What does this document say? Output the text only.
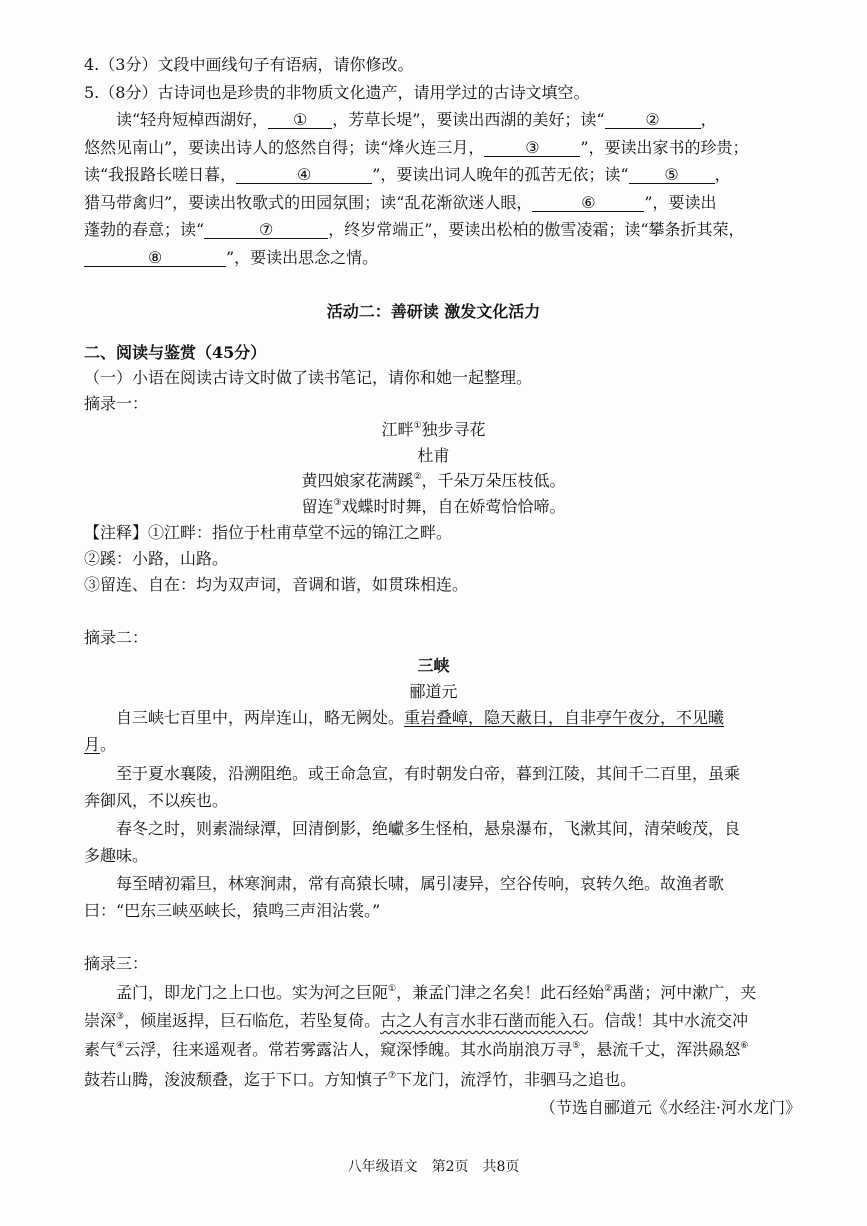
4.（3分）文段中画线句子有语病，请你修改。
5.（8分）古诗词也是珍贵的非物质文化遗产，请用学过的古诗文填空。
读“轻舟短棹西湖好， ① ，芳草长堤”，要读出西湖的美好；读“	②	，
悠然见南山”，要读出诗人的悠然自得；读“烽火连三月，	③	”，要读出家书的珍贵；
读“我报路长嗟日暮，	④	”，要读出词人晚年的孤苦无依；读“ ⑤ ，
猎马带禽归”，要读出牧歌式的田园氛围；读“乱花渐欲迷人眼，	⑥	”，要读出
蓬勃的春意；读“	⑦	，终岁常端正”，要读出松柏的傲雪凌霜；读“攀条折其荣，
⑧	”，要读出思念之情。
活动二：善研读 激发文化活力
二、阅读与鉴赏（45分）
（一）小语在阅读古诗文时做了读书笔记，请你和她一起整理。
摘录一：
江畔①独步寻花
杜甫
黄四娘家花满蹊②，千朵万朵压枝低。
留连③戏蝶时时舞，自在娇莺恰恰啼。
【注释】①江畔：指位于杜甫草堂不远的锦江之畔。
②蹊：小路，山路。
③留连、自在：均为双声词，音调和谐，如贯珠相连。
摘录二：
三峡
郦道元
自三峡七百里中，两岸连山，略无阙处。重岩叠嶂，隐天蔽日，自非亭午夜分，不见曦
月。
至于夏水襄陵，沿溯阻绝。或王命急宣，有时朝发白帝，暮到江陵，其间千二百里，虽乘
奔御风，不以疾也。
春冬之时，则素湍绿潭，回清倒影，绝巘多生怪柏，悬泉瀑布，飞漱其间，清荣峻茂，良
多趣味。
每至晴初霜旦，林寒涧肃，常有高猿长啸，属引凄异，空谷传响，哀转久绝。故渔者歌
曰：“巴东三峡巫峡长，猿鸣三声泪沾裳。”
摘录三：
孟门，即龙门之上口也。实为河之巨阨①，兼孟门津之名矣！此石经始②禹凿；河中漱广，夹
崇深③，倾崖返捍，巨石临危，若坠复倚。古之人有言水非石凿而能入石。信哉！其中水流交冲
素气④云浮，往来遥观者。常若雾露沾人，窥深悸魄。其水尚崩浪万寻⑤，悬流千丈，浑洪赑怒⑥
鼓若山腾，浚波颓叠，迄于下口。方知慎子⑦下龙门，流浮竹，非驷马之追也。
（节选自郦道元《水经注·河水龙门》
八年级语文　第2页　共8页
